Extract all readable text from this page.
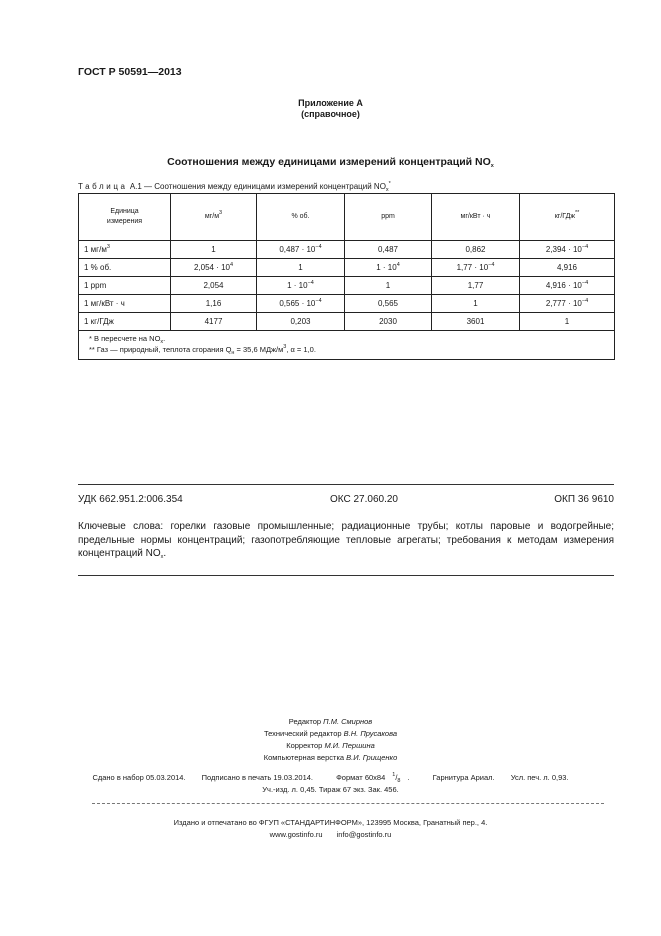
ГОСТ Р 50591—2013
Приложение А
(справочное)
Соотношения между единицами измерений концентраций $NO_x$
Таблица А.1 — Соотношения между единицами измерений концентраций $NO_x^*$
Единица измерения	$мг/м^3$	% об.	ppm	мг/кВт · ч	кг/ГДж**
1 $мг/м^3$	1	$0,487 \cdot 10^{-4}$	0,487	0,862	$2,394 \cdot 10^{-4}$
1 % об.	$2,054 \cdot 10^4$	1	$1 \cdot 10^4$	$1,77 \cdot 10^{-4}$	4,916
1 ppm	2,054	$1 \cdot 10^{-4}$	1	1,77	$4,916 \cdot 10^{-4}$
1 мг/кВт · ч	1,16	$0,565 \cdot 10^{-4}$	0,565	1	$2,777 \cdot 10^{-4}$
1 кг/ГДж	4177	0,203	2030	3601	1

* В пересчете на $NO_x$.
** Газ — природный, теплота сгорания $Q_н = 35,6$ МДж/$м^3$, α = 1,0.					
УДК 662.951.2:006.354	ОКС 27.060.20	ОКП 36 9610
Ключевые слова: горелки газовые промышленные; радиационные трубы; котлы паровые и водогрейные; предельные нормы концентраций; газопотребляющие тепловые агрегаты; требования к методам измерения концентраций $NO_x$.
Редактор П.М. Смирнов
Технический редактор В.Н. Прусакова
Корректор М.И. Першина
Компьютерная верстка В.И. Грищенко
Сдано в набор 05.03.2014. Подписано в печать 19.03.2014.	Формат 60х84 $^1/_8$ .	Гарнитура Ариал. Усл. печ. л. 0,93.
Уч.-изд. л. 0,45. Тираж 67 экз. Зак. 456.
Издано и отпечатано во ФГУП «СТАНДАРТИНФОРМ», 123995 Москва, Гранатный пер., 4.
www.gostinfo.ru info@gostinfo.ru
